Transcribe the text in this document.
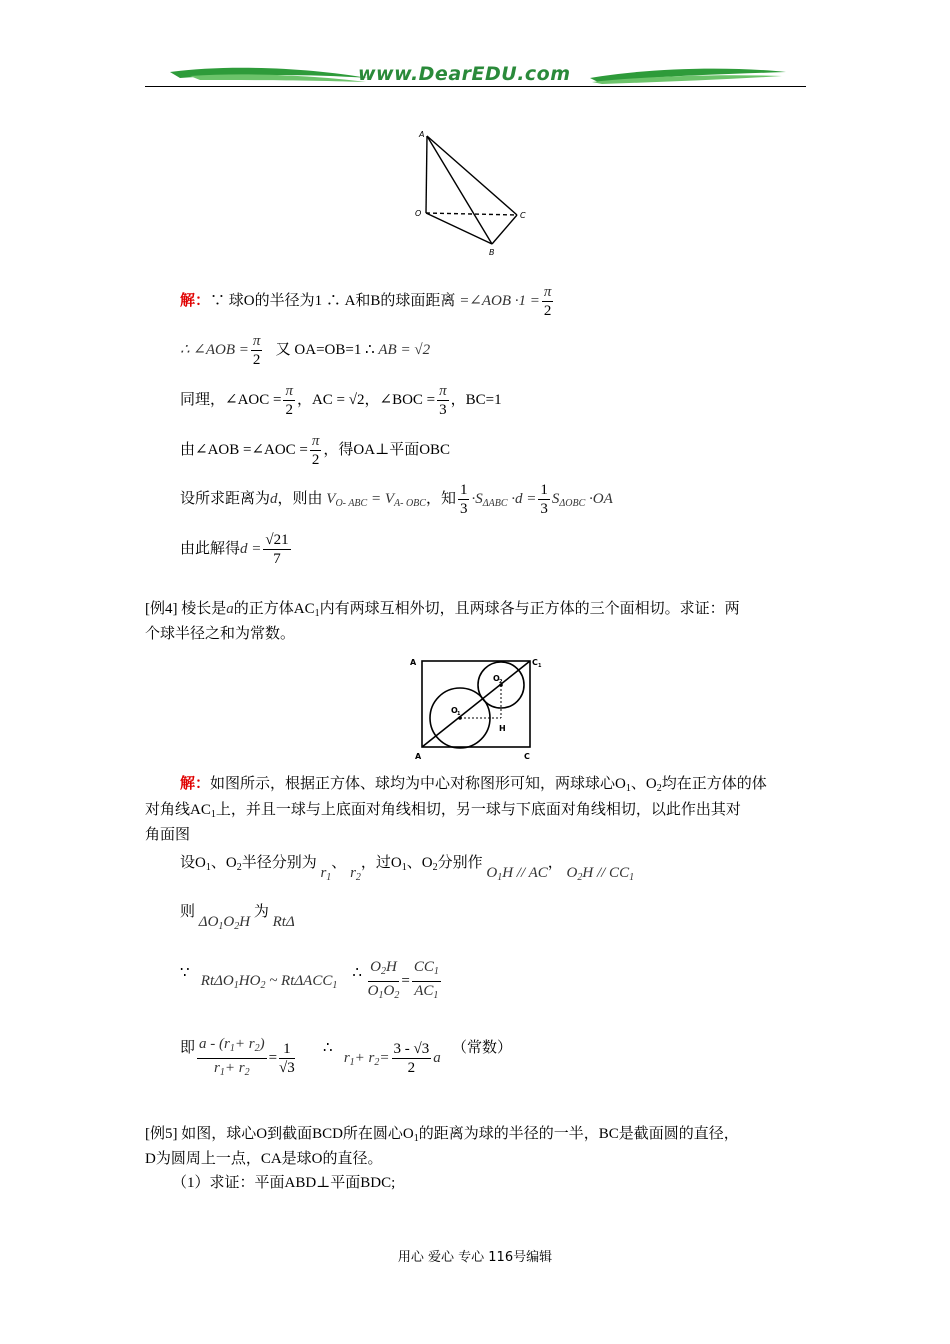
www.DearEDU.com
A
O	C
B
解：∵ 球O的半径为1 ∴ A和B的球面距离 =∠AOB $\cdot 1 = \frac{\pi}{2}$
∴ ∠AOB = $\frac{\pi}{2}$ 又 OA=OB=1 ∴ AB = √2
同理，∠AOC = $\frac{\pi}{2}$ ，AC = √2，∠BOC = $\frac{\pi}{3}$ ，BC=1
由∠AOB =∠AOC = $\frac{\pi}{2}$ ，得OA⊥平面OBC
设所求距离为d，则由 $V_{O- ABC} = V_{A- OBC}$，知 $\frac{1}{3} \cdot S_{\Delta ABC} \cdot d = \frac{1}{3} S_{\Delta OBC} \cdot OA$
由此解得$d = \frac{√21}{7}$
[例4] 棱长是a的正方体$AC_1$内有两球互相外切，且两球各与正方体的三个面相切。求证：两
个球半径之和为常数。
A	C 1
O 2
O 1
H
A	C
解：如图所示，根据正方体、球均为中心对称图形可知，两球球心$O_1$、$O_2$均在正方体的体
对角线$AC_1$上，并且一球与上底面对角线相切，另一球与下底面对角线相切，以此作出其对
角面图
设$O_1$、$O_2$半径分别为 $r_1$、 $r_2$，过$O_1$、$O_2$分别作 $O_1H$ // AC， $O_2H // CC_1$
则 $\Delta O_1O_2H$ 为 RtΔ
∵ $Rt\Delta O_1HO_2$ ~ RtΔACC$_1$    ∴ $\frac{O_2H}{O_1O_2} = \frac{CC_1}{AC_1}$
即 $\frac{a - (r_1+ r_2)}{r_1+ r_2} = \frac{1}{√3}$ ∴   $r_1+ r_2= \frac{3 - √3}{2}$ a   （常数）
[例5] 如图，球心O到截面BCD所在圆心$O_1$的距离为球的半径的一半，BC是截面圆的直径，
D为圆周上一点，CA是球O的直径。
（1）求证：平面ABD⊥平面BDC;
用心 爱心 专心 116号编辑
